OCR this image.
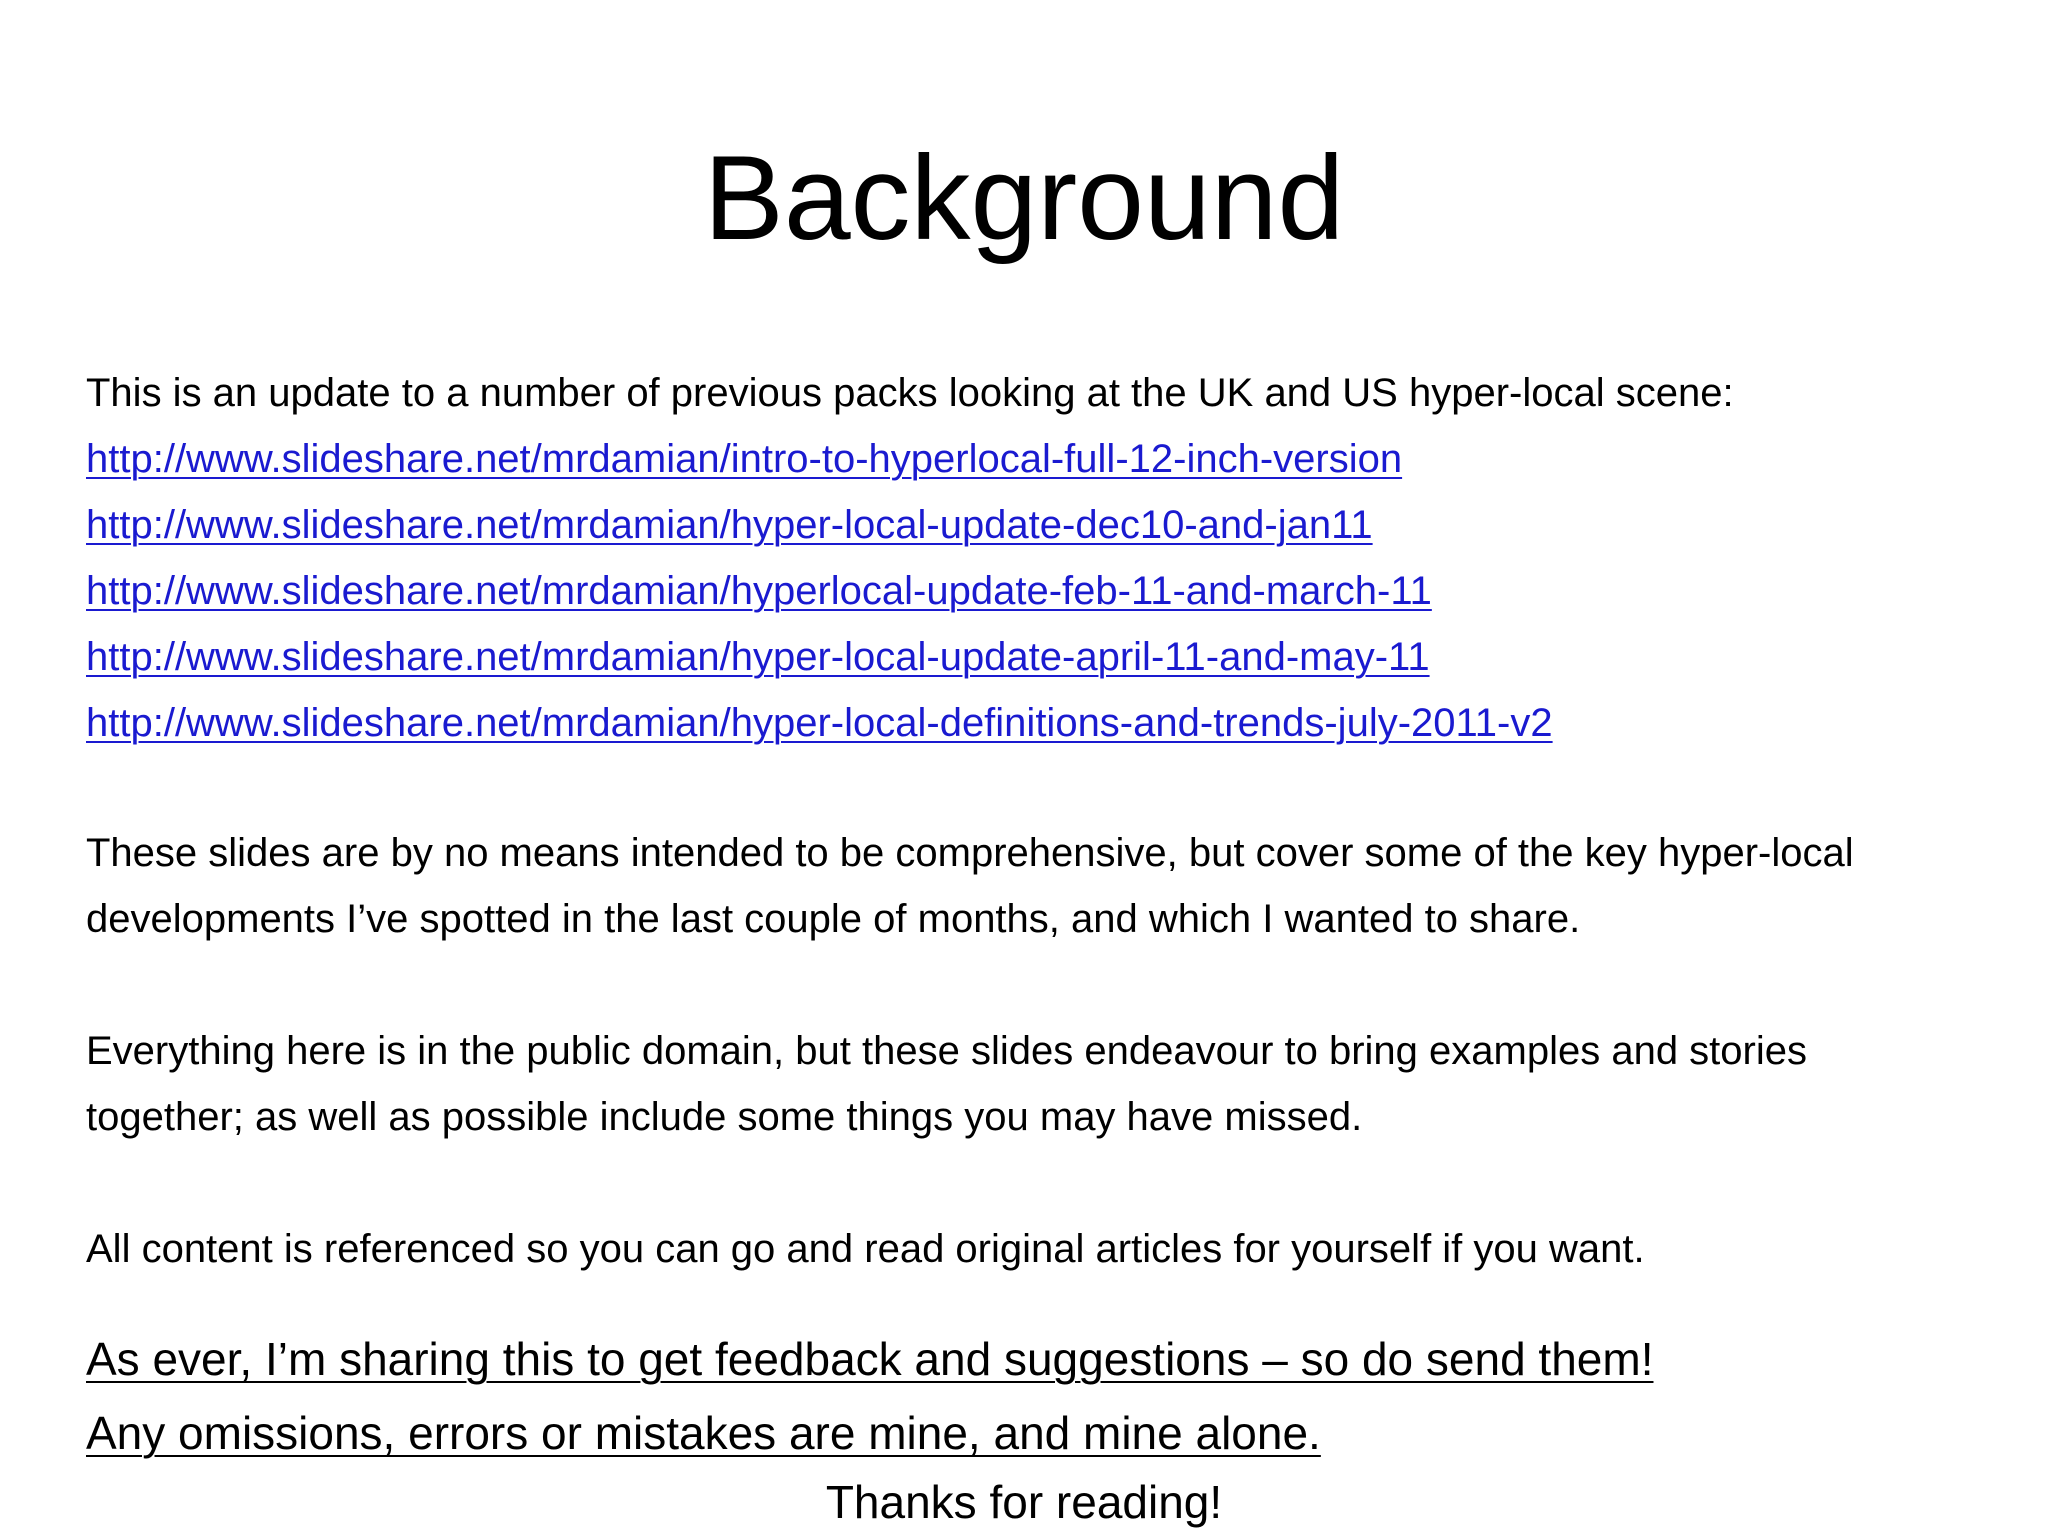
Background

This is an update to a number of previous packs looking at the UK and US hyper-local scene:

http://www.slideshare.net/mrdamian/intro-to-hyperlocal-full-12-inch-version
http://www.slideshare.net/mrdamian/hyper-local-update-dec10-and-jan11
http://www.slideshare.net/mrdamian/hyperlocal-update-feb-11-and-march-11
http://www.slideshare.net/mrdamian/hyper-local-update-april-11-and-may-11
http://www.slideshare.net/mrdamian/hyper-local-definitions-and-trends-july-2011-v2
These slides are by no means intended to be comprehensive, but cover some of the key hyper-local
developments I’ve spotted in the last couple of months, and which I wanted to share.
Everything here is in the public domain, but these slides endeavour to bring examples and stories
together; as well as possible include some things you may have missed.

All content is referenced so you can go and read original articles for yourself if you want.

As ever, I’m sharing this to get feedback and suggestions – so do send them!
Any omissions, errors or mistakes are mine, and mine alone.

Thanks for reading!
